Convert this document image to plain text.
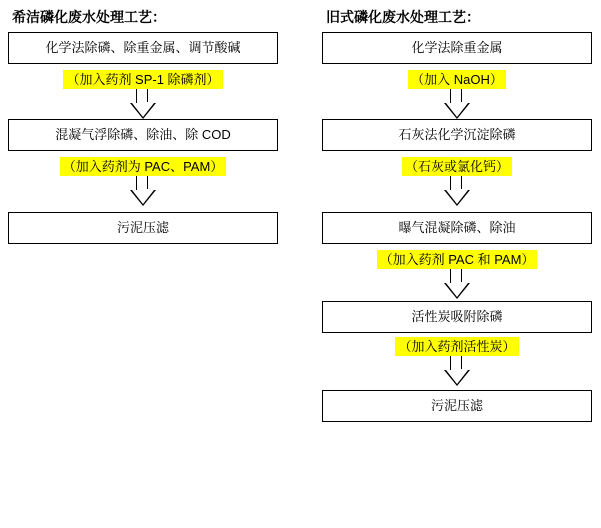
希洁磷化废水处理工艺：
化学法除磷、除重金属、调节酸碱
（加入药剂 SP-1 除磷剂）
混凝气浮除磷、除油、除 COD
（加入药剂为 PAC、PAM）
污泥压滤
旧式磷化废水处理工艺：
化学法除重金属
（加入 NaOH）
石灰法化学沉淀除磷
（石灰或氯化钙）
曝气混凝除磷、除油
（加入药剂 PAC 和 PAM）
活性炭吸附除磷
（加入药剂活性炭）
污泥压滤
